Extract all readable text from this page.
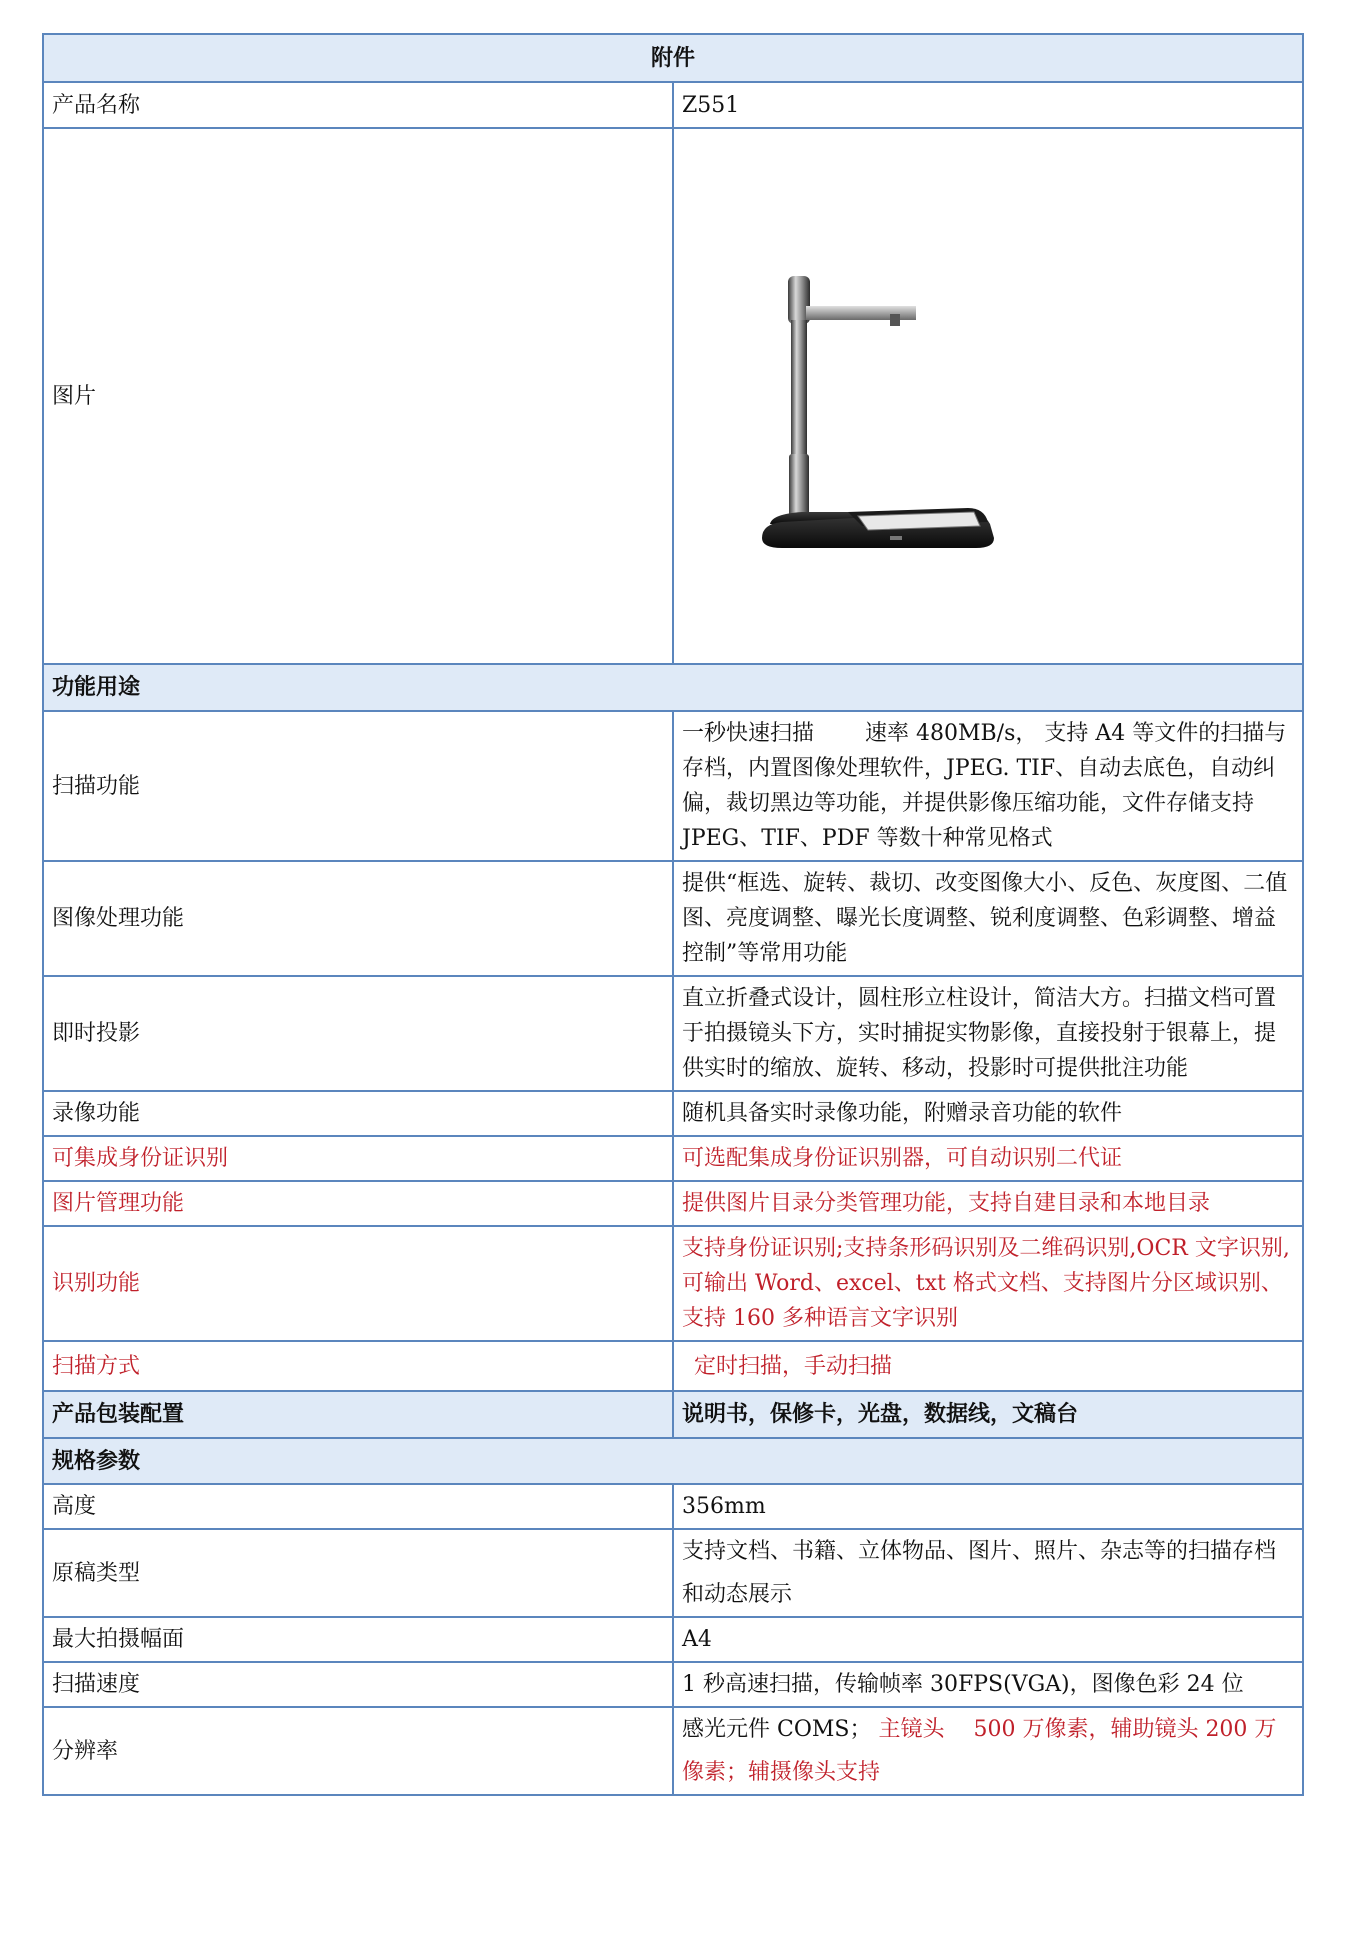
附件	
产品名称	Z551
图片	

功能用途	
扫描功能	一秒快速扫描　　 速率 480MB/s， 支持 A4 等文件的扫描与存档，内置图像处理软件，JPEG. TIF、自动去底色，自动纠偏，裁切黑边等功能，并提供影像压缩功能，文件存储支持 JPEG、TIF、PDF 等数十种常见格式
图像处理功能	提供“框选、旋转、裁切、改变图像大小、反色、灰度图、二值图、亮度调整、曝光长度调整、锐利度调整、色彩调整、增益控制”等常用功能
即时投影	直立折叠式设计，圆柱形立柱设计，简洁大方。扫描文档可置于拍摄镜头下方，实时捕捉实物影像，直接投射于银幕上，提供实时的缩放、旋转、移动，投影时可提供批注功能
录像功能	随机具备实时录像功能，附赠录音功能的软件
可集成身份证识别	可选配集成身份证识别器，可自动识别二代证
图片管理功能	提供图片目录分类管理功能，支持自建目录和本地目录
识别功能	支持身份证识别;支持条形码识别及二维码识别,OCR 文字识别,可输出 Word、excel、txt 格式文档、支持图片分区域识别、支持 160 多种语言文字识别
扫描方式	定时扫描，手动扫描
产品包装配置	说明书，保修卡，光盘，数据线，文稿台
规格参数	
高度	356mm
原稿类型	支持文档、书籍、立体物品、图片、照片、杂志等的扫描存档和动态展示
最大拍摄幅面	A4
扫描速度	1 秒高速扫描，传输帧率 30FPS(VGA)，图像色彩 24 位
分辨率	感光元件 COMS； 主镜头　 500 万像素，辅助镜头 200 万像素；辅摄像头支持
